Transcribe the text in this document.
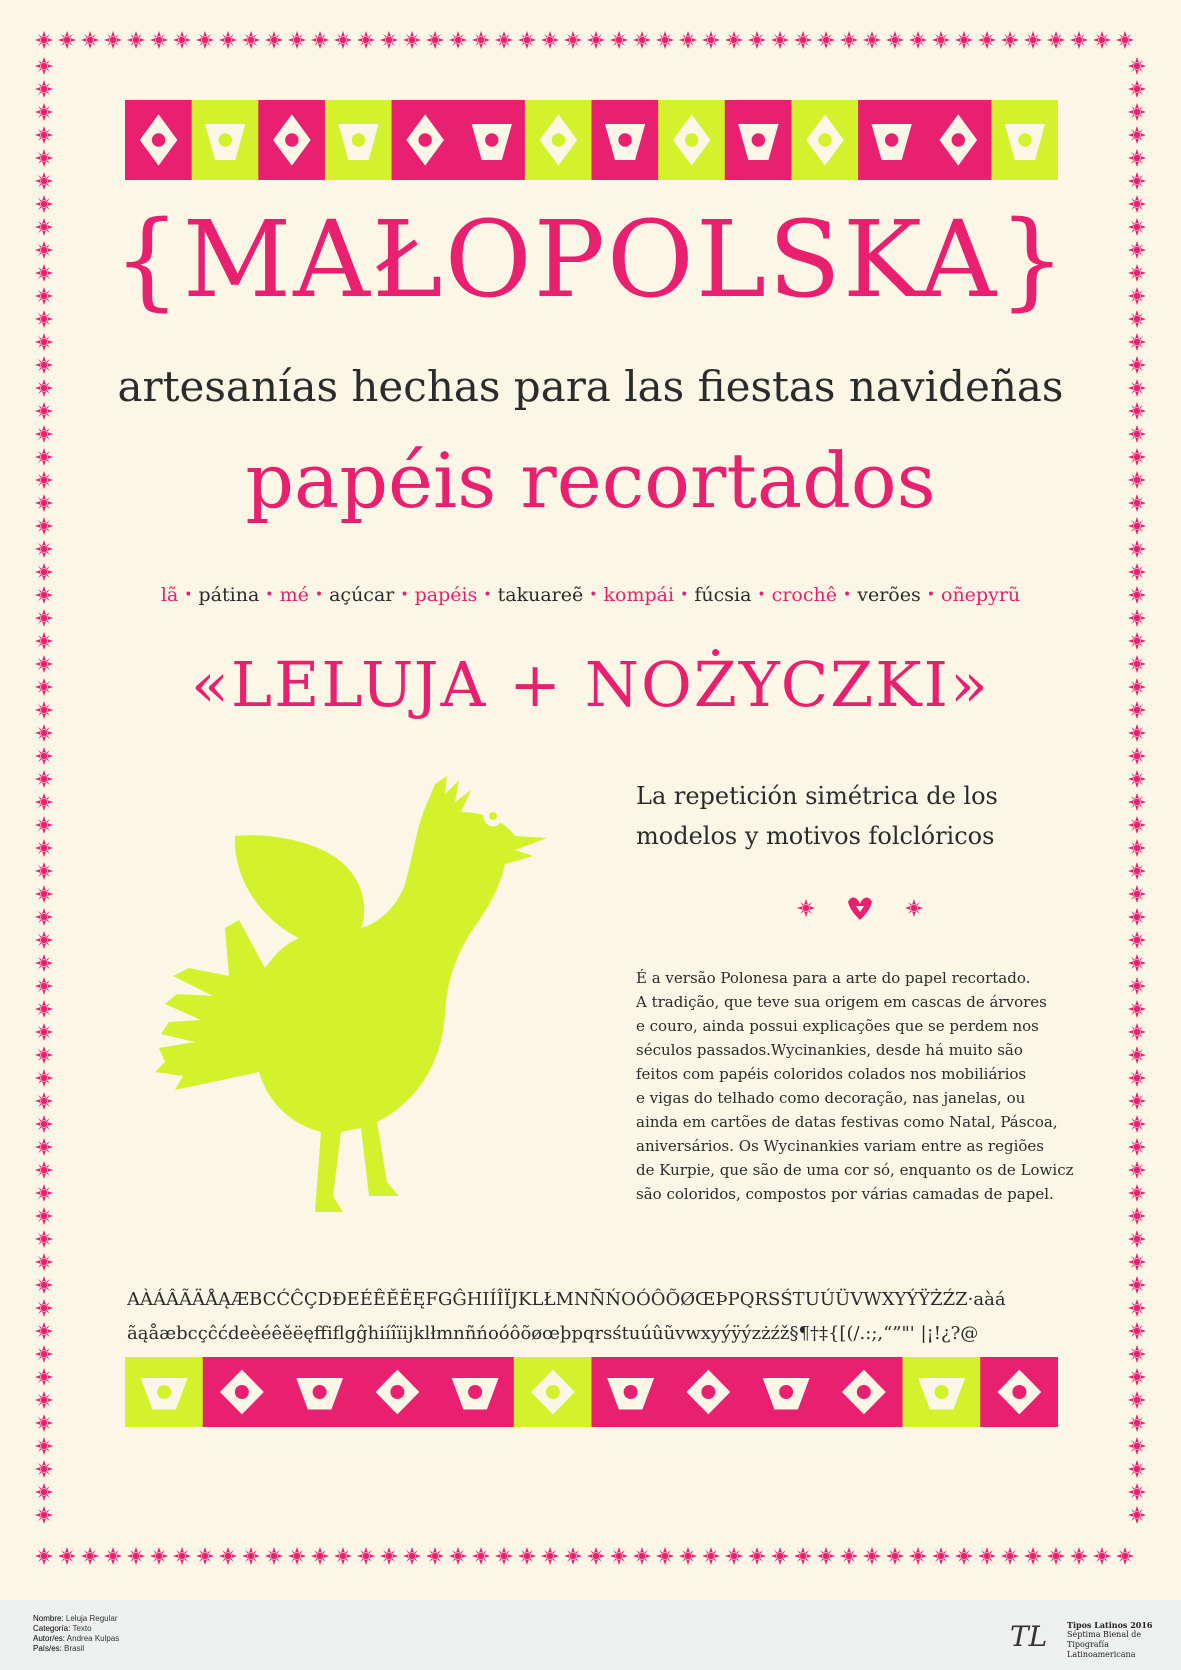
{MAŁOPOLSKA}
artesanías hechas para las fiestas navideñas
papéis recortados
lã • pátina • mé • açúcar • papéis • takuareẽ • kompái • fúcsia • crochê • verões • oñepyrũ
«LELUJA + NOŻYCZKI»
La repetición simétrica de los
modelos y motivos folclóricos
É a versão Polonesa para a arte do papel recortado.
A tradição, que teve sua origem em cascas de árvores
e couro, ainda possui explicações que se perdem nos
séculos passados.Wycinankies, desde há muito são
feitos com papéis coloridos colados nos mobiliários
e vigas do telhado como decoração, nas janelas, ou
ainda em cartões de datas festivas como Natal, Páscoa,
aniversários. Os Wycinankies variam entre as regiões
de Kurpie, que são de uma cor só, enquanto os de Lowicz
são coloridos, compostos por várias camadas de papel.
AÀÁÂÃÄÅĄÆBCĆĈÇDĐEÉÊĚËĘFGĜHIÍÎÏJKLŁMNÑŃOÓÔÕØŒÞPQRSŚTUÚÜVWXYÝŸŻŹZ·aàá
ãąåæbcçĉćdeèéêěëęffiflgĝhiíîïijklłmnñńoóôõøœþpqrsśtuúûũvwxyýÿýzżźž§¶†‡{[(/.:;,“”"' |¡!¿?@
Nombre: Leluja Regular
Categoría: Texto
Autor/es: Andrea Kulpas
País/es: Brasil	TL	Tipos Latinos 2016
Séptima Bienal de Tipografía
Latinoamericana
